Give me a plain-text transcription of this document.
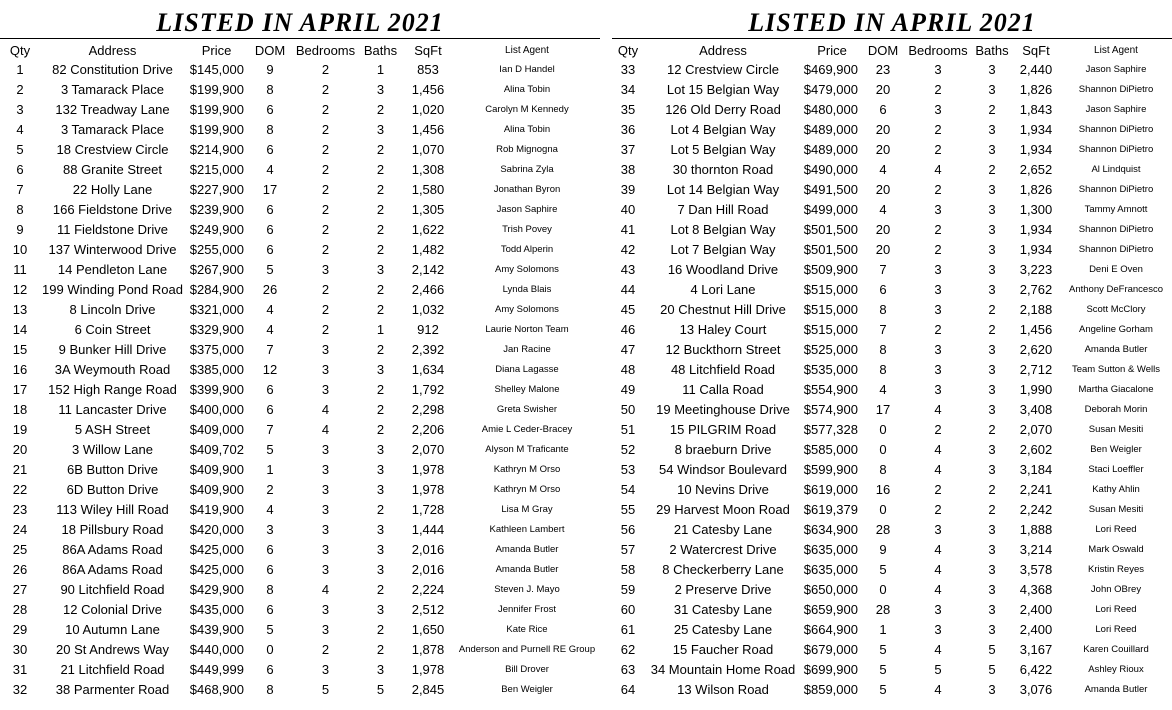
LISTED IN APRIL 2021
Qty	Address	Price	DOM	Bedrooms	Baths	SqFt	List Agent
1	82 Constitution Drive	$145,000	9	2	1	853	Ian D Handel
2	3 Tamarack Place	$199,900	8	2	3	1,456	Alina Tobin
3	132 Treadway Lane	$199,900	6	2	2	1,020	Carolyn M Kennedy
4	3 Tamarack Place	$199,900	8	2	3	1,456	Alina Tobin
5	18 Crestview Circle	$214,900	6	2	2	1,070	Rob Mignogna
6	88 Granite Street	$215,000	4	2	2	1,308	Sabrina Zyla
7	22 Holly Lane	$227,900	17	2	2	1,580	Jonathan Byron
8	166 Fieldstone Drive	$239,900	6	2	2	1,305	Jason Saphire
9	11 Fieldstone Drive	$249,900	6	2	2	1,622	Trish Povey
10	137 Winterwood Drive	$255,000	6	2	2	1,482	Todd Alperin
11	14 Pendleton Lane	$267,900	5	3	3	2,142	Amy Solomons
12	199 Winding Pond Road	$284,900	26	2	2	2,466	Lynda Blais
13	8 Lincoln Drive	$321,000	4	2	2	1,032	Amy Solomons
14	6 Coin Street	$329,900	4	2	1	912	Laurie Norton Team
15	9 Bunker Hill Drive	$375,000	7	3	2	2,392	Jan Racine
16	3A Weymouth Road	$385,000	12	3	3	1,634	Diana Lagasse
17	152 High Range Road	$399,900	6	3	2	1,792	Shelley Malone
18	11 Lancaster Drive	$400,000	6	4	2	2,298	Greta Swisher
19	5 ASH Street	$409,000	7	4	2	2,206	Amie L Ceder-Bracey
20	3 Willow Lane	$409,702	5	3	3	2,070	Alyson M Traficante
21	6B Button Drive	$409,900	1	3	3	1,978	Kathryn M Orso
22	6D Button Drive	$409,900	2	3	3	1,978	Kathryn M Orso
23	113 Wiley Hill Road	$419,900	4	3	2	1,728	Lisa M Gray
24	18 Pillsbury Road	$420,000	3	3	3	1,444	Kathleen Lambert
25	86A Adams Road	$425,000	6	3	3	2,016	Amanda Butler
26	86A Adams Road	$425,000	6	3	3	2,016	Amanda Butler
27	90 Litchfield Road	$429,900	8	4	2	2,224	Steven J. Mayo
28	12 Colonial Drive	$435,000	6	3	3	2,512	Jennifer Frost
29	10 Autumn Lane	$439,900	5	3	2	1,650	Kate Rice
30	20 St Andrews Way	$440,000	0	2	2	1,878	Anderson and Purnell RE Group
31	21 Litchfield Road	$449,999	6	3	3	1,978	Bill Drover
32	38 Parmenter Road	$468,900	8	5	5	2,845	Ben Weigler
LISTED IN APRIL 2021
Qty	Address	Price	DOM	Bedrooms	Baths	SqFt	List Agent
33	12 Crestview Circle	$469,900	23	3	3	2,440	Jason Saphire
34	Lot 15 Belgian Way	$479,000	20	2	3	1,826	Shannon DiPietro
35	126 Old Derry Road	$480,000	6	3	2	1,843	Jason Saphire
36	Lot 4 Belgian Way	$489,000	20	2	3	1,934	Shannon DiPietro
37	Lot 5 Belgian Way	$489,000	20	2	3	1,934	Shannon DiPietro
38	30 thornton Road	$490,000	4	4	2	2,652	Al Lindquist
39	Lot 14 Belgian Way	$491,500	20	2	3	1,826	Shannon DiPietro
40	7 Dan Hill Road	$499,000	4	3	3	1,300	Tammy Amnott
41	Lot 8 Belgian Way	$501,500	20	2	3	1,934	Shannon DiPietro
42	Lot 7 Belgian Way	$501,500	20	2	3	1,934	Shannon DiPietro
43	16 Woodland Drive	$509,900	7	3	3	3,223	Deni E Oven
44	4 Lori Lane	$515,000	6	3	3	2,762	Anthony DeFrancesco
45	20 Chestnut Hill Drive	$515,000	8	3	2	2,188	Scott McClory
46	13 Haley Court	$515,000	7	2	2	1,456	Angeline Gorham
47	12 Buckthorn Street	$525,000	8	3	3	2,620	Amanda Butler
48	48 Litchfield Road	$535,000	8	3	3	2,712	Team Sutton & Wells
49	11 Calla Road	$554,900	4	3	3	1,990	Martha Giacalone
50	19 Meetinghouse Drive	$574,900	17	4	3	3,408	Deborah Morin
51	15 PILGRIM Road	$577,328	0	2	2	2,070	Susan Mesiti
52	8 braeburn Drive	$585,000	0	4	3	2,602	Ben Weigler
53	54 Windsor Boulevard	$599,900	8	4	3	3,184	Staci Loeffler
54	10 Nevins Drive	$619,000	16	2	2	2,241	Kathy Ahlin
55	29 Harvest Moon Road	$619,379	0	2	2	2,242	Susan Mesiti
56	21 Catesby Lane	$634,900	28	3	3	1,888	Lori Reed
57	2 Watercrest Drive	$635,000	9	4	3	3,214	Mark Oswald
58	8 Checkerberry Lane	$635,000	5	4	3	3,578	Kristin Reyes
59	2 Preserve Drive	$650,000	0	4	3	4,368	John OBrey
60	31 Catesby Lane	$659,900	28	3	3	2,400	Lori Reed
61	25 Catesby Lane	$664,900	1	3	3	2,400	Lori Reed
62	15 Faucher Road	$679,000	5	4	5	3,167	Karen Couillard
63	34 Mountain Home Road	$699,900	5	5	5	6,422	Ashley Rioux
64	13 Wilson Road	$859,000	5	4	3	3,076	Amanda Butler
